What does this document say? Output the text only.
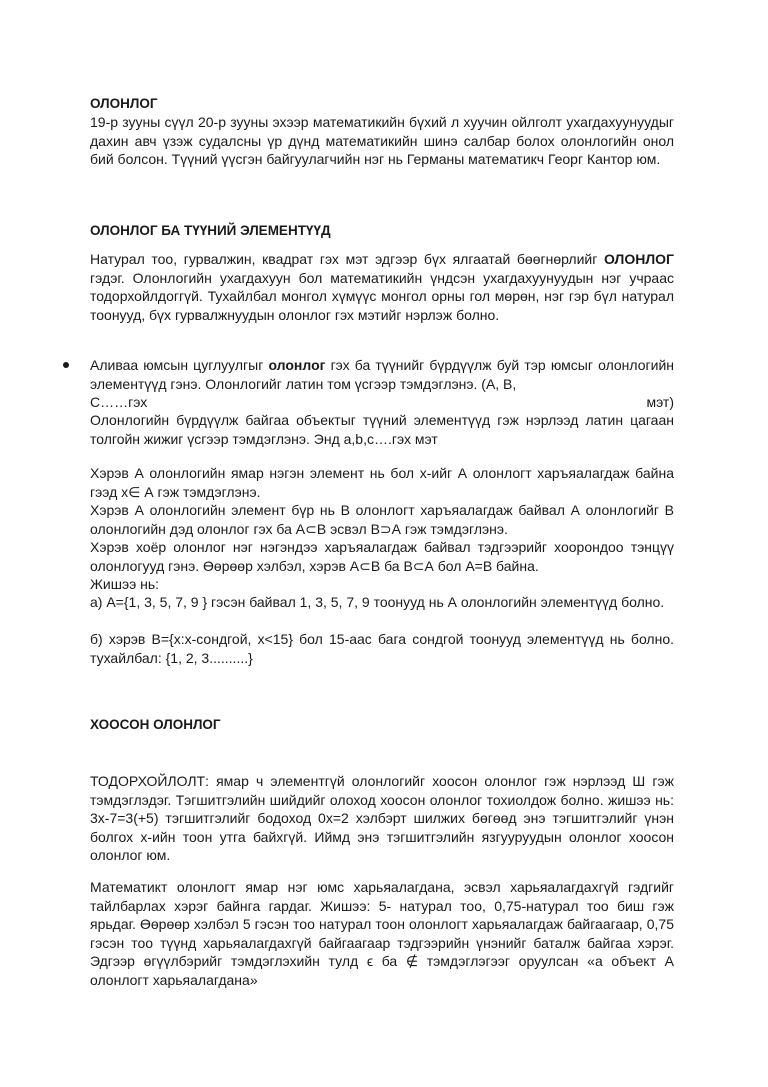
ОЛОНЛОГ
19-р зууны сүүл 20-р зууны эхээр математикийн бүхий л хуучин ойлголт ухагдахуунуудыг дахин авч үзэж судалсны үр дүнд математикийн шинэ салбар болох олонлогийн онол бий болсон. Түүний үүсгэн байгуулагчийн нэг нь Германы математикч Георг Кантор юм.
ОЛОНЛОГ БА ТҮҮНИЙ ЭЛЕМЕНТҮҮД
Натурал тоо, гурвалжин, квадрат гэх мэт эдгээр бүх ялгаатай бөөгнөрлийг ОЛОНЛОГ гэдэг. Олонлогийн ухагдахуун бол математикийн үндсэн ухагдахуунуудын нэг учраас тодорхойлдоггүй. Тухайлбал монгол хүмүүс монгол орны гол мөрөн, нэг гэр бүл натурал тоонууд, бүх гурвалжнуудын олонлог гэх мэтийг нэрлэж болно.
Аливаа юмсын цуглуулгыг олонлог гэх ба түүнийг бүрдүүлж буй тэр юмсыг олонлогийн элементүүд гэнэ. Олонлогийг латин том үсгээр тэмдэглэнэ. (А, В,
С……гэх	мэт)
Олонлогийн бүрдүүлж байгаа объектыг түүний элементүүд гэж нэрлээд латин цагаан толгойн жижиг үсгээр тэмдэглэнэ. Энд a,b,c….гэх мэт
Хэрэв А олонлогийн ямар нэгэн элемент нь бол х-ийг А олонлогт харъяалагдаж байна гээд х∈ А гэж тэмдэглэнэ.
Хэрэв А олонлогийн элемент бүр нь В олонлогт харъяалагдаж байвал А олонлогийг В олонлогийн дэд олонлог гэх ба А⊂В эсвэл В⊃А гэж тэмдэглэнэ.
Хэрэв хоёр олонлог нэг нэгэндээ харъяалагдаж байвал тэдгээрийг хоорондоо тэнцүү олонлогууд гэнэ. Өөрөөр хэлбэл, хэрэв А⊂В ба В⊂А бол А=В байна.
Жишээ нь:
а) А={1, 3, 5, 7, 9 } гэсэн байвал 1, 3, 5, 7, 9 тоонууд нь А олонлогийн элементүүд болно.
б) хэрэв В={x:x-сондгой, x<15} бол 15-аас бага сондгой тоонууд элементүүд нь болно. тухайлбал: {1, 2, 3..........}
ХООСОН ОЛОНЛОГ
ТОДОРХОЙЛОЛТ: ямар ч элементгүй олонлогийг хоосон олонлог гэж нэрлээд Ш гэж тэмдэглэдэг. Тэгшитгэлийн шийдийг олоход хоосон олонлог тохиолдож болно. жишээ нь: 3x-7=3(+5) тэгшитгэлийг бодоход 0x=2 хэлбэрт шилжих бөгөөд энэ тэгшитгэлийг үнэн болгох x-ийн тоон утга байхгүй. Иймд энэ тэгшитгэлийн язгууруудын олонлог хоосон олонлог юм.
Математикт олонлогт ямар нэг юмс харьяалагдана, эсвэл харьяалагдахгүй гэдгийг тайлбарлах хэрэг байнга гардаг. Жишээ: 5- натурал тоо, 0,75-натурал тоо биш гэж ярьдаг. Өөрөөр хэлбэл 5 гэсэн тоо натурал тоон олонлогт харьяалагдаж байгаагаар, 0,75 гэсэн тоо түүнд харьяалагдахгүй байгаагаар тэдгээрийн үнэнийг баталж байгаа хэрэг. Эдгээр өгүүлбэрийг тэмдэглэхийн тулд ϵ ба ∉ тэмдэглэгээг оруулсан «а объект А олонлогт харьяалагдана»
